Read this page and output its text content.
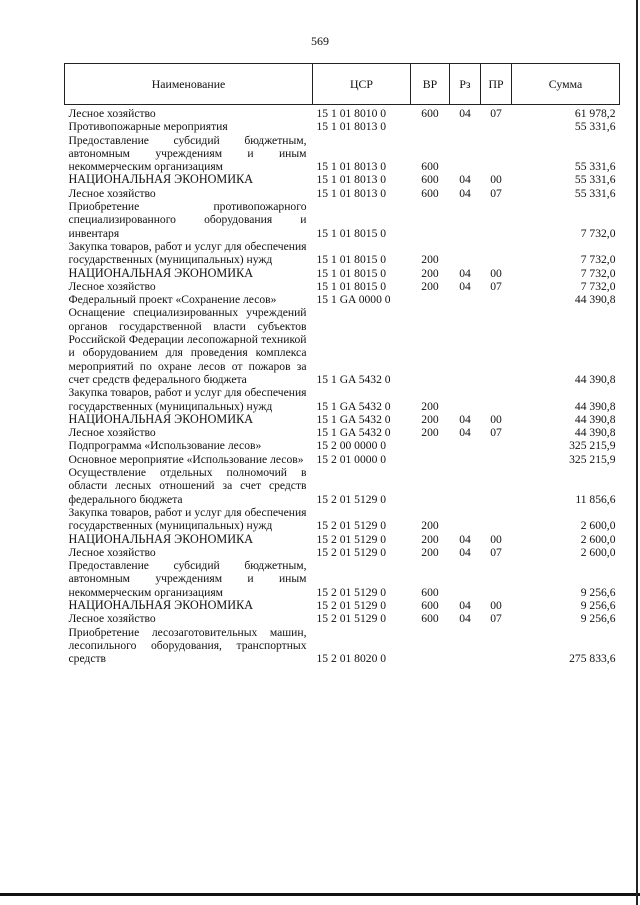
569
Наименование	ЦСР	ВР	Рз	ПР	Сумма
Лесное хозяйство	15 1 01 8010 0	600	04	07	61 978,2
Противопожарные мероприятия	15 1 01 8013 0				55 331,6
Предоставление субсидий бюджетным, автономным учреждениям и иным некоммерческим организациям	15 1 01 8013 0	600			55 331,6
НАЦИОНАЛЬНАЯ ЭКОНОМИКА	15 1 01 8013 0	600	04	00	55 331,6
Лесное хозяйство	15 1 01 8013 0	600	04	07	55 331,6
Приобретение противопожарного специализированного оборудования и инвентаря	15 1 01 8015 0				7 732,0
Закупка товаров, работ и услуг для обеспечения государственных (муниципальных) нужд	15 1 01 8015 0	200			7 732,0
НАЦИОНАЛЬНАЯ ЭКОНОМИКА	15 1 01 8015 0	200	04	00	7 732,0
Лесное хозяйство	15 1 01 8015 0	200	04	07	7 732,0
Федеральный проект «Сохранение лесов»	15 1 GA 0000 0				44 390,8
Оснащение специализированных учреждений органов государственной власти субъектов Российской Федерации лесопожарной техникой и оборудованием для проведения комплекса мероприятий по охране лесов от пожаров за счет средств федерального бюджета	15 1 GA 5432 0				44 390,8
Закупка товаров, работ и услуг для обеспечения государственных (муниципальных) нужд	15 1 GA 5432 0	200			44 390,8
НАЦИОНАЛЬНАЯ ЭКОНОМИКА	15 1 GA 5432 0	200	04	00	44 390,8
Лесное хозяйство	15 1 GA 5432 0	200	04	07	44 390,8
Подпрограмма «Использование лесов»	15 2 00 0000 0				325 215,9
Основное мероприятие «Использование лесов»	15 2 01 0000 0				325 215,9
Осуществление отдельных полномочий в области лесных отношений за счет средств федерального бюджета	15 2 01 5129 0				11 856,6
Закупка товаров, работ и услуг для обеспечения государственных (муниципальных) нужд	15 2 01 5129 0	200			2 600,0
НАЦИОНАЛЬНАЯ ЭКОНОМИКА	15 2 01 5129 0	200	04	00	2 600,0
Лесное хозяйство	15 2 01 5129 0	200	04	07	2 600,0
Предоставление субсидий бюджетным, автономным учреждениям и иным некоммерческим организациям	15 2 01 5129 0	600			9 256,6
НАЦИОНАЛЬНАЯ ЭКОНОМИКА	15 2 01 5129 0	600	04	00	9 256,6
Лесное хозяйство	15 2 01 5129 0	600	04	07	9 256,6
Приобретение лесозаготовительных машин, лесопильного оборудования, транспортных средств	15 2 01 8020 0				275 833,6
